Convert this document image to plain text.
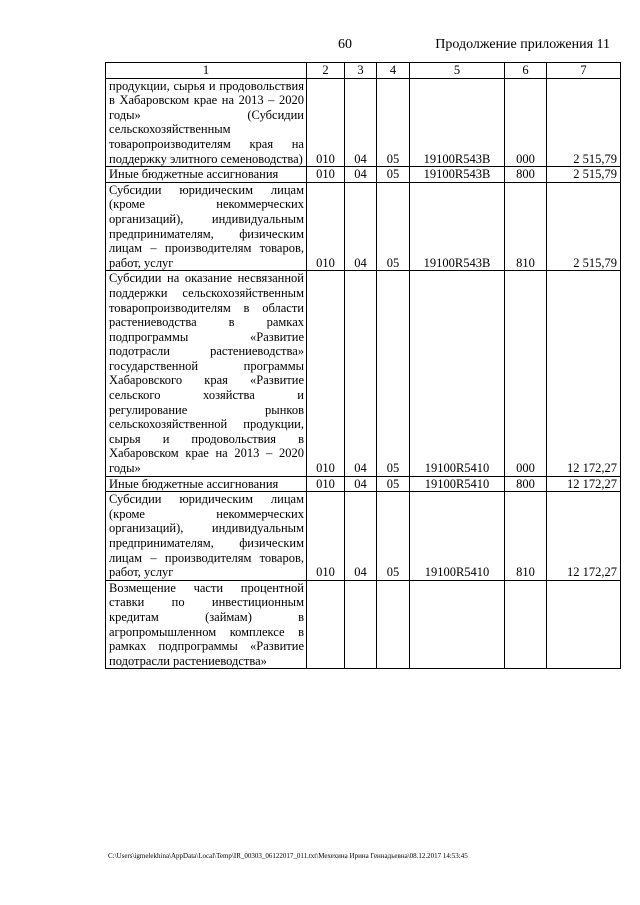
60	Продолжение приложения 11
1	2	3	4	5	6	7
продукции, сырья и продовольствия в Хабаровском крае на 2013 – 2020 годы» (Субсидии сельскохозяйственным товаропроизводителям края на поддержку элитного семеноводства)	010	04	05	19100R543B	000	2 515,79
Иные бюджетные ассигнования	010	04	05	19100R543B	800	2 515,79
Субсидии юридическим лицам (кроме некоммерческих организаций), индивидуальным предпринимателям, физическим лицам – производителям товаров, работ, услуг	010	04	05	19100R543B	810	2 515,79
Субсидии на оказание несвязанной поддержки сельскохозяйственным товаропроизводителям в области растениеводства в рамках подпрограммы «Развитие подотрасли растениеводства» государственной программы Хабаровского края «Развитие сельского хозяйства и регулирование рынков сельскохозяйственной продукции, сырья и продовольствия в Хабаровском крае на 2013 – 2020 годы»	010	04	05	19100R5410	000	12 172,27
Иные бюджетные ассигнования	010	04	05	19100R5410	800	12 172,27
Субсидии юридическим лицам (кроме некоммерческих организаций), индивидуальным предпринимателям, физическим лицам – производителям товаров, работ, услуг	010	04	05	19100R5410	810	12 172,27
Возмещение части процентной ставки по инвестиционным кредитам (займам) в агропромышленном комплексе в рамках подпрограммы «Развитие подотрасли растениеводства»						
C:\Users\igmelekhina\AppData\Local\Temp\IR_00303_06122017_011.txt\Мехехина Ирина Геннадьевна\08.12.2017 14:53:45
